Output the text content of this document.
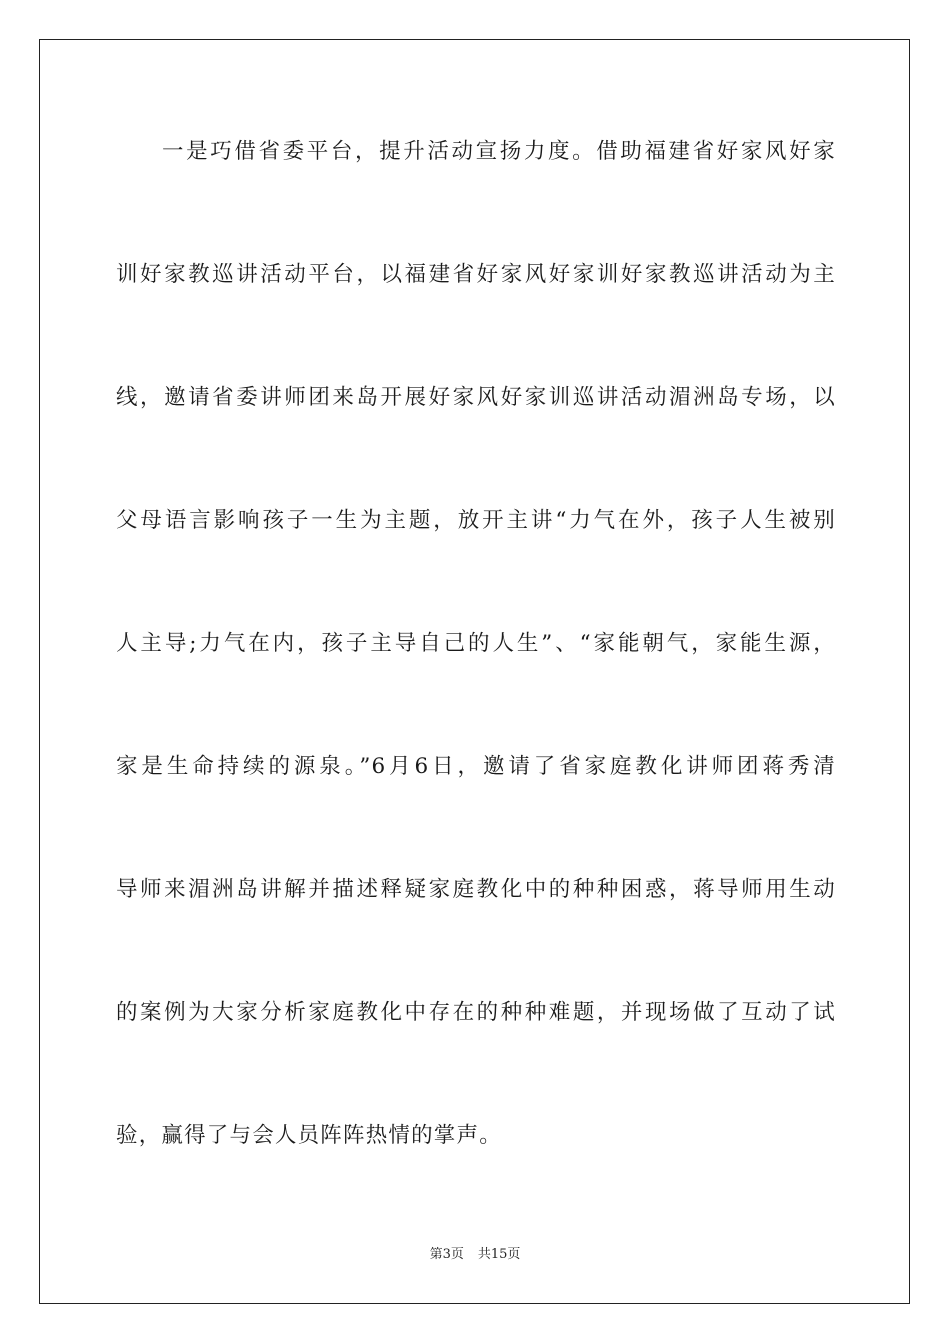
一是巧借省委平台，提升活动宣扬力度。借助福建省好家风好家
训好家教巡讲活动平台，以福建省好家风好家训好家教巡讲活动为主
线，邀请省委讲师团来岛开展好家风好家训巡讲活动湄洲岛专场，以
父母语言影响孩子一生为主题，放开主讲“力气在外，孩子人生被别
人主导;力气在内，孩子主导自己的人生”、“家能朝气，家能生源，
家是生命持续的源泉。”6月6日，邀请了省家庭教化讲师团蒋秀清
导师来湄洲岛讲解并描述释疑家庭教化中的种种困惑，蒋导师用生动
的案例为大家分析家庭教化中存在的种种难题，并现场做了互动了试
验，赢得了与会人员阵阵热情的掌声。
第3页 共15页
